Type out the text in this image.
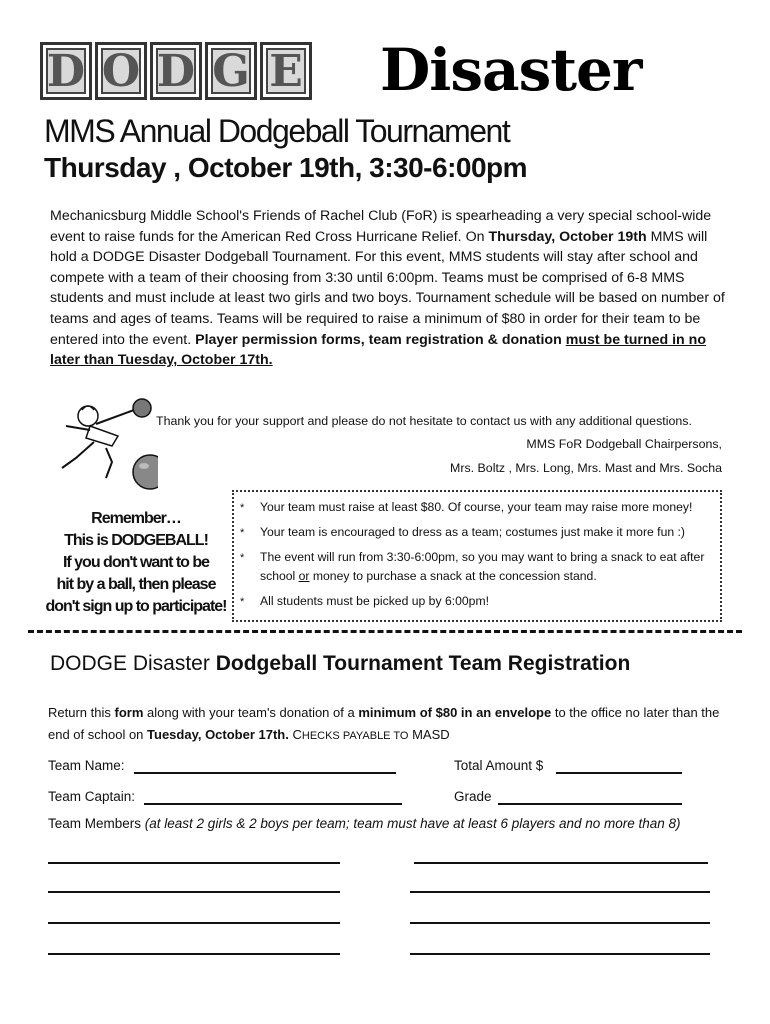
D O D G E Disaster
MMS Annual Dodgeball Tournament
Thursday , October 19th, 3:30-6:00pm
Mechanicsburg Middle School's Friends of Rachel Club (FoR) is spearheading a very special school-wide event to raise funds for the American Red Cross Hurricane Relief. On Thursday, October 19th MMS will hold a DODGE Disaster Dodgeball Tournament. For this event, MMS students will stay after school and compete with a team of their choosing from 3:30 until 6:00pm. Teams must be comprised of 6-8 MMS students and must include at least two girls and two boys. Tournament schedule will be based on number of teams and ages of teams. Teams will be required to raise a minimum of $80 in order for their team to be entered into the event. Player permission forms, team registration & donation must be turned in no later than Tuesday, October 17th.
Thank you for your support and please do not hesitate to contact us with any additional questions.
MMS FoR Dodgeball Chairpersons,
Mrs. Boltz , Mrs. Long, Mrs. Mast and Mrs. Socha
Remember…
This is DODGEBALL!
If you don't want to be
hit by a ball, then please
don't sign up to participate!
* Your team must raise at least $80. Of course, your team may raise more money!
* Your team is encouraged to dress as a team; costumes just make it more fun :)
* The event will run from 3:30-6:00pm, so you may want to bring a snack to eat after school or money to purchase a snack at the concession stand.
* All students must be picked up by 6:00pm!
DODGE Disaster Dodgeball Tournament Team Registration
Return this form along with your team's donation of a minimum of $80 in an envelope to the office no later than the end of school on Tuesday, October 17th. CHECKS PAYABLE TO MASD
Team Name:	Total Amount $
Team Captain:	Grade
Team Members (at least 2 girls & 2 boys per team; team must have at least 6 players and no more than 8)
